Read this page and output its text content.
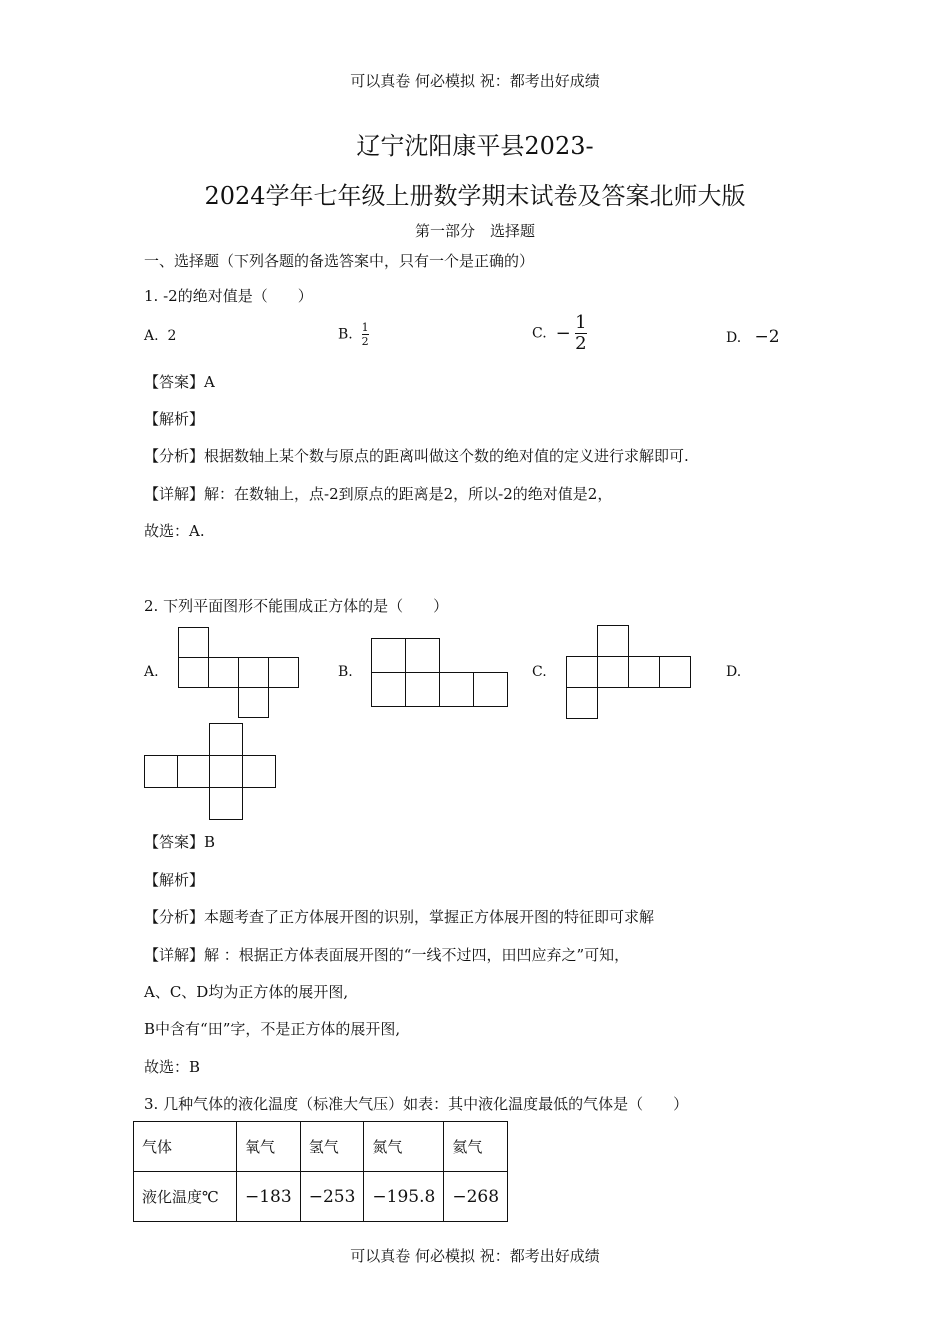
可以真卷 何必模拟 祝：都考出好成绩
辽宁沈阳康平县2023-
2024学年七年级上册数学期末试卷及答案北师大版
第一部分　选择题
一、选择题（下列各题的备选答案中，只有一个是正确的）
1. -2的绝对值是（　　）
A. 2	B. $\frac{1}{2}$	C. − $\frac{1}{2}$	D. −2
【答案】A
【解析】
【分析】根据数轴上某个数与原点的距离叫做这个数的绝对值的定义进行求解即可.
【详解】解：在数轴上，点-2到原点的距离是2，所以-2的绝对值是2，
故选：A.
2. 下列平面图形不能围成正方体的是（　　）
A.	B.	C.	D.
【答案】B
【解析】
【分析】本题考查了正方体展开图的识别，掌握正方体展开图的特征即可求解
【详解】解 ：根据正方体表面展开图的“一线不过四，田凹应弃之”可知，
A、C、D均为正方体的展开图,
B中含有“田”字，不是正方体的展开图,
故选：B
3. 几种气体的液化温度（标准大气压）如表：其中液化温度最低的气体是（　　）
气体	氧气	氢气	氮气	氦气
液化温度℃	−183	−253	−195.8	−268
可以真卷 何必模拟 祝：都考出好成绩
